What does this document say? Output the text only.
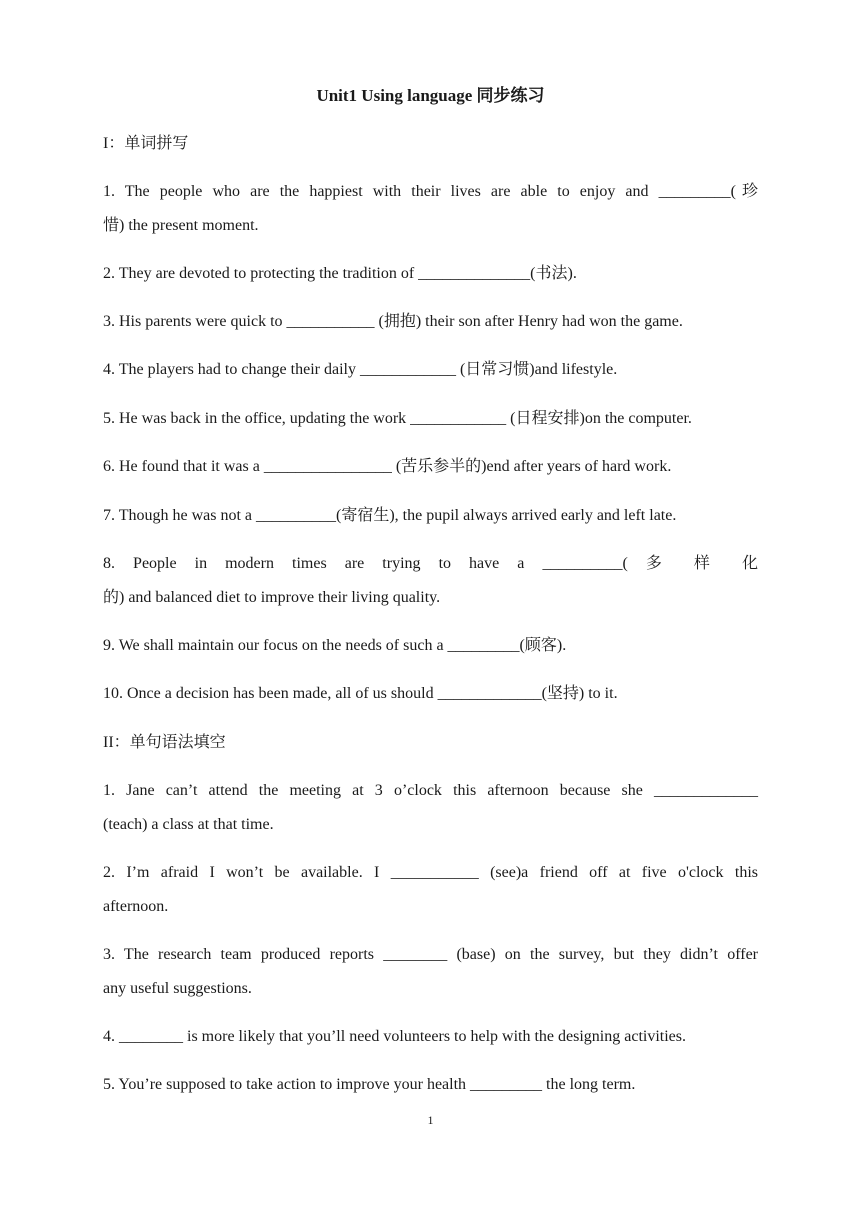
Unit1 Using language 同步练习
I：单词拼写
1. The people who are the happiest with their lives are able to enjoy and _________(珍
惜) the present moment.
2. They are devoted to protecting the tradition of ______________(书法).
3. His parents were quick to ___________ (拥抱) their son after Henry had won the game.
4. The players had to change their daily ____________ (日常习惯)and lifestyle.
5. He was back in the office, updating the work ____________ (日程安排)on the computer.
6. He found that it was a ________________ (苦乐参半的)end after years of hard work.
7. Though he was not a __________(寄宿生), the pupil always arrived early and left late.
8. People in modern times are trying to have a __________( 多 样 化
的) and balanced diet to improve their living quality.
9. We shall maintain our focus on the needs of such a _________(顾客).
10. Once a decision has been made, all of us should _____________(坚持) to it.
II：单句语法填空
1. Jane can’t attend the meeting at 3 o’clock this afternoon because she _____________
(teach) a class at that time.
2. I’m afraid I won’t be available. I ___________ (see)a friend off at five o'clock this
afternoon.
3. The research team produced reports ________ (base) on the survey, but they didn’t offer
any useful suggestions.
4. ________ is more likely that you’ll need volunteers to help with the designing activities.
5. You’re supposed to take action to improve your health _________ the long term.
1
